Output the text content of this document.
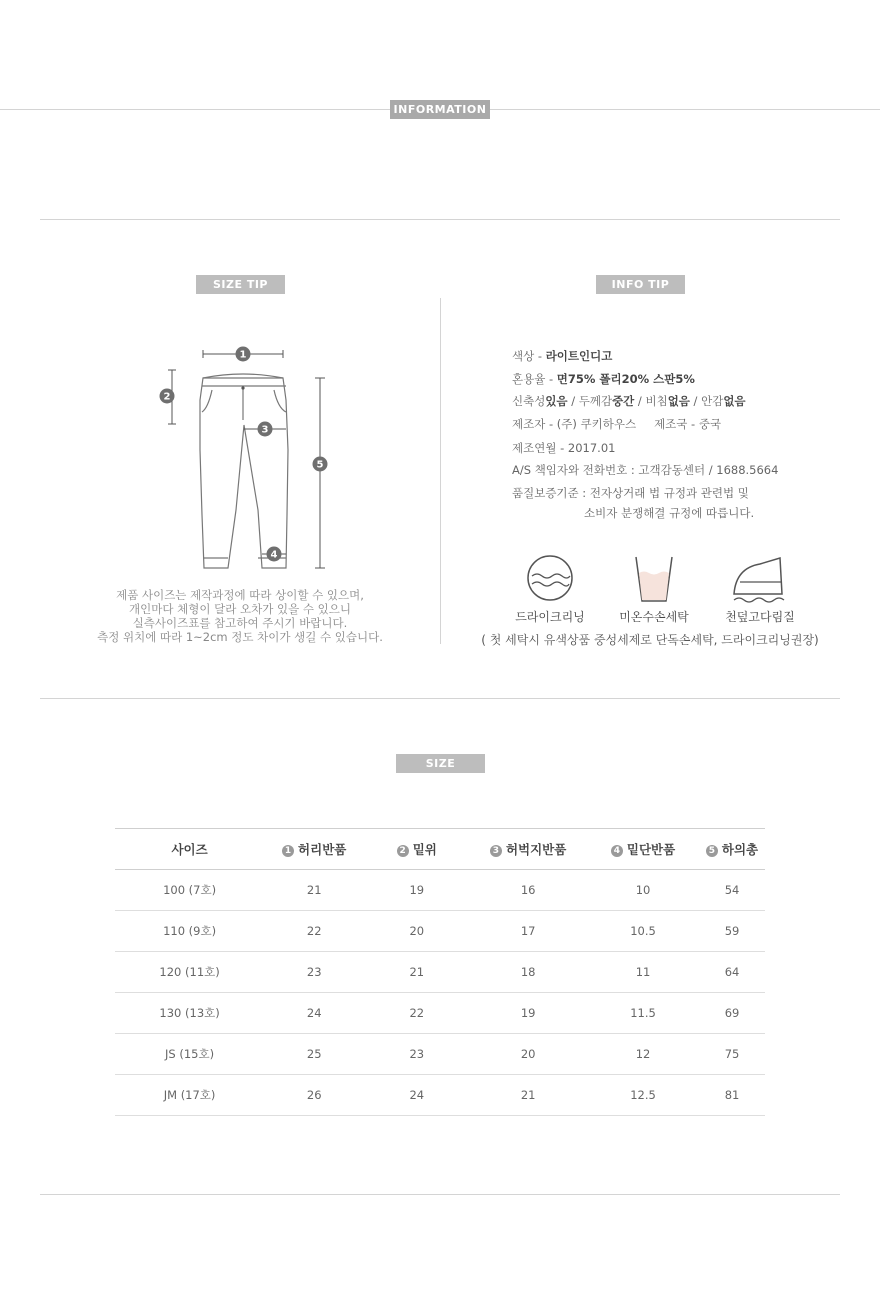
INFORMATION
SIZE TIP
1
2
3
4
5
제품 사이즈는 제작과정에 따라 상이할 수 있으며,
개인마다 체형이 달라 오차가 있을 수 있으니
실측사이즈표를 참고하여 주시기 바랍니다.
측정 위치에 따라 1~2cm 정도 차이가 생길 수 있습니다.
INFO TIP
색상 - 라이트인디고
혼용율 - 면75% 폴리20% 스판5%
신축성있음 / 두께감중간 / 비침없음 / 안감없음
제조자 - (주) 쿠키하우스 제조국 - 중국
제조연월 - 2017.01
A/S 책임자와 전화번호 : 고객감동센터 / 1688.5664
품질보증기준 : 전자상거래 법 규정과 관련법 및
소비자 분쟁해결 규정에 따릅니다.
드라이크리닝	미온수손세탁	천덮고다림질
( 첫 세탁시 유색상품 중성세제로 단독손세탁, 드라이크리닝권장)
SIZE
사이즈	1 허리반품	2 밑위	3 허벅지반품	4 밑단반품	5 하의총
100 (7호)	21	19	16	10	54
110 (9호)	22	20	17	10.5	59
120 (11호)	23	21	18	11	64
130 (13호)	24	22	19	11.5	69
JS (15호)	25	23	20	12	75
JM (17호)	26	24	21	12.5	81
